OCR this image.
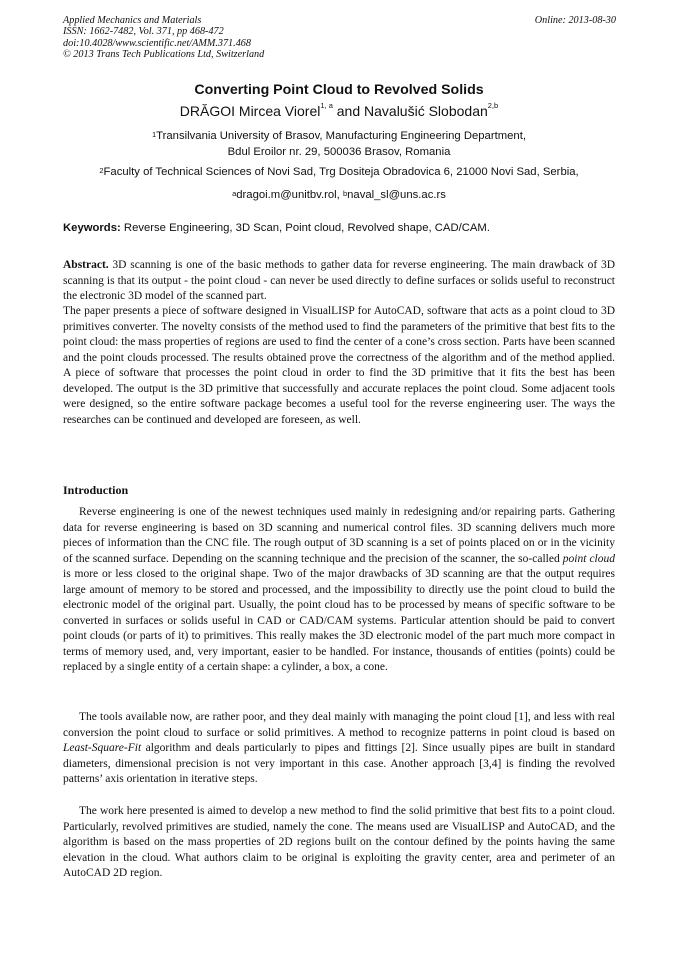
Applied Mechanics and Materials
ISSN: 1662-7482, Vol. 371, pp 468-472
doi:10.4028/www.scientific.net/AMM.371.468
© 2013 Trans Tech Publications Ltd, Switzerland
Online: 2013-08-30
Converting Point Cloud to Revolved Solids
DRĂGOI Mircea Viorel$^{1, a}$ and Navalušić Slobodan$^{2,b}$
$^1$Transilvania University of Brasov, Manufacturing Engineering Department,
Bdul Eroilor nr. 29, 500036 Brasov, Romania
$^2$Faculty of Technical Sciences of Novi Sad, Trg Dositeja Obradovica 6, 21000 Novi Sad, Serbia,
$^a$dragoi.m@unitbv.rol, $^b$naval_sl@uns.ac.rs
Keywords: Reverse Engineering, 3D Scan, Point cloud, Revolved shape, CAD/CAM.

Abstract. 3D scanning is one of the basic methods to gather data for reverse engineering. The main drawback of 3D scanning is that its output - the point cloud - can never be used directly to define surfaces or solids useful to reconstruct the electronic 3D model of the scanned part.

The paper presents a piece of software designed in VisualLISP for AutoCAD, software that acts as a point cloud to 3D primitives converter. The novelty consists of the method used to find the parameters of the primitive that best fits to the point cloud: the mass properties of regions are used to find the center of a cone’s cross section. Parts have been scanned and the point clouds processed. The results obtained prove the correctness of the algorithm and of the method applied. A piece of software that processes the point cloud in order to find the 3D primitive that it fits the best has been developed. The output is the 3D primitive that successfully and accurate replaces the point cloud. Some adjacent tools were designed, so the entire software package becomes a useful tool for the reverse engineering user. The ways the researches can be continued and developed are foreseen, as well.

Introduction

Reverse engineering is one of the newest techniques used mainly in redesigning and/or repairing parts. Gathering data for reverse engineering is based on 3D scanning and numerical control files. 3D scanning delivers much more pieces of information than the CNC file. The rough output of 3D scanning is a set of points placed on or in the vicinity of the scanned surface. Depending on the scanning technique and the precision of the scanner, the so-called point cloud is more or less closed to the original shape. Two of the major drawbacks of 3D scanning are that the output requires large amount of memory to be stored and processed, and the impossibility to directly use the point cloud to build the electronic model of the original part. Usually, the point cloud has to be processed by means of specific software to be converted in surfaces or solids useful in CAD or CAD/CAM systems. Particular attention should be paid to convert point clouds (or parts of it) to primitives. This really makes the 3D electronic model of the part much more compact in terms of memory used, and, very important, easier to be handled. For instance, thousands of entities (points) could be replaced by a single entity of a certain shape: a cylinder, a box, a cone.

The tools available now, are rather poor, and they deal mainly with managing the point cloud [1], and less with real conversion the point cloud to surface or solid primitives. A method to recognize patterns in point cloud is based on Least-Square-Fit algorithm and deals particularly to pipes and fittings [2]. Since usually pipes are built in standard diameters, dimensional precision is not very important in this case. Another approach [3,4] is finding the revolved patterns’ axis orientation in iterative steps.

The work here presented is aimed to develop a new method to find the solid primitive that best fits to a point cloud. Particularly, revolved primitives are studied, namely the cone. The means used are VisualLISP and AutoCAD, and the algorithm is based on the mass properties of 2D regions built on the contour defined by the points having the same elevation in the cloud. What authors claim to be original is exploiting the gravity center, area and perimeter of an AutoCAD 2D region.
